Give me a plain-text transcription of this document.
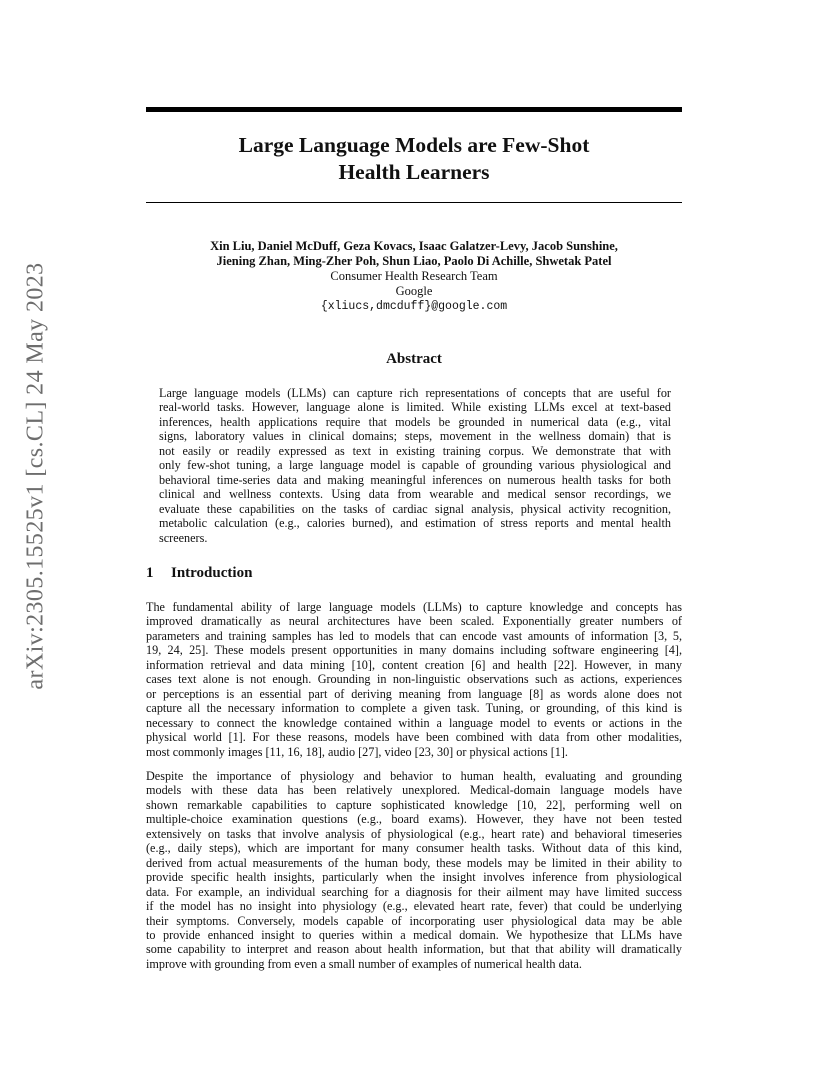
arXiv:2305.15525v1 [cs.CL] 24 May 2023
Large Language Models are Few-Shot
Health Learners
Xin Liu, Daniel McDuff, Geza Kovacs, Isaac Galatzer-Levy, Jacob Sunshine,
Jiening Zhan, Ming-Zher Poh, Shun Liao, Paolo Di Achille, Shwetak Patel
Consumer Health Research Team
Google
{xliucs,dmcduff}@google.com
Abstract
Large language models (LLMs) can capture rich representations of concepts that are useful for
real-world tasks. However, language alone is limited. While existing LLMs excel at text-based
inferences, health applications require that models be grounded in numerical data (e.g., vital
signs, laboratory values in clinical domains; steps, movement in the wellness domain) that is
not easily or readily expressed as text in existing training corpus. We demonstrate that with
only few-shot tuning, a large language model is capable of grounding various physiological and
behavioral time-series data and making meaningful inferences on numerous health tasks for both
clinical and wellness contexts. Using data from wearable and medical sensor recordings, we
evaluate these capabilities on the tasks of cardiac signal analysis, physical activity recognition,
metabolic calculation (e.g., calories burned), and estimation of stress reports and mental health
screeners.
1 Introduction
The fundamental ability of large language models (LLMs) to capture knowledge and concepts has
improved dramatically as neural architectures have been scaled. Exponentially greater numbers of
parameters and training samples has led to models that can encode vast amounts of information [3, 5,
19, 24, 25]. These models present opportunities in many domains including software engineering [4],
information retrieval and data mining [10], content creation [6] and health [22]. However, in many
cases text alone is not enough. Grounding in non-linguistic observations such as actions, experiences
or perceptions is an essential part of deriving meaning from language [8] as words alone does not
capture all the necessary information to complete a given task. Tuning, or grounding, of this kind is
necessary to connect the knowledge contained within a language model to events or actions in the
physical world [1]. For these reasons, models have been combined with data from other modalities,
most commonly images [11, 16, 18], audio [27], video [23, 30] or physical actions [1].
Despite the importance of physiology and behavior to human health, evaluating and grounding
models with these data has been relatively unexplored. Medical-domain language models have
shown remarkable capabilities to capture sophisticated knowledge [10, 22], performing well on
multiple-choice examination questions (e.g., board exams). However, they have not been tested
extensively on tasks that involve analysis of physiological (e.g., heart rate) and behavioral timeseries
(e.g., daily steps), which are important for many consumer health tasks. Without data of this kind,
derived from actual measurements of the human body, these models may be limited in their ability to
provide specific health insights, particularly when the insight involves inference from physiological
data. For example, an individual searching for a diagnosis for their ailment may have limited success
if the model has no insight into physiology (e.g., elevated heart rate, fever) that could be underlying
their symptoms. Conversely, models capable of incorporating user physiological data may be able
to provide enhanced insight to queries within a medical domain. We hypothesize that LLMs have
some capability to interpret and reason about health information, but that that ability will dramatically
improve with grounding from even a small number of examples of numerical health data.
